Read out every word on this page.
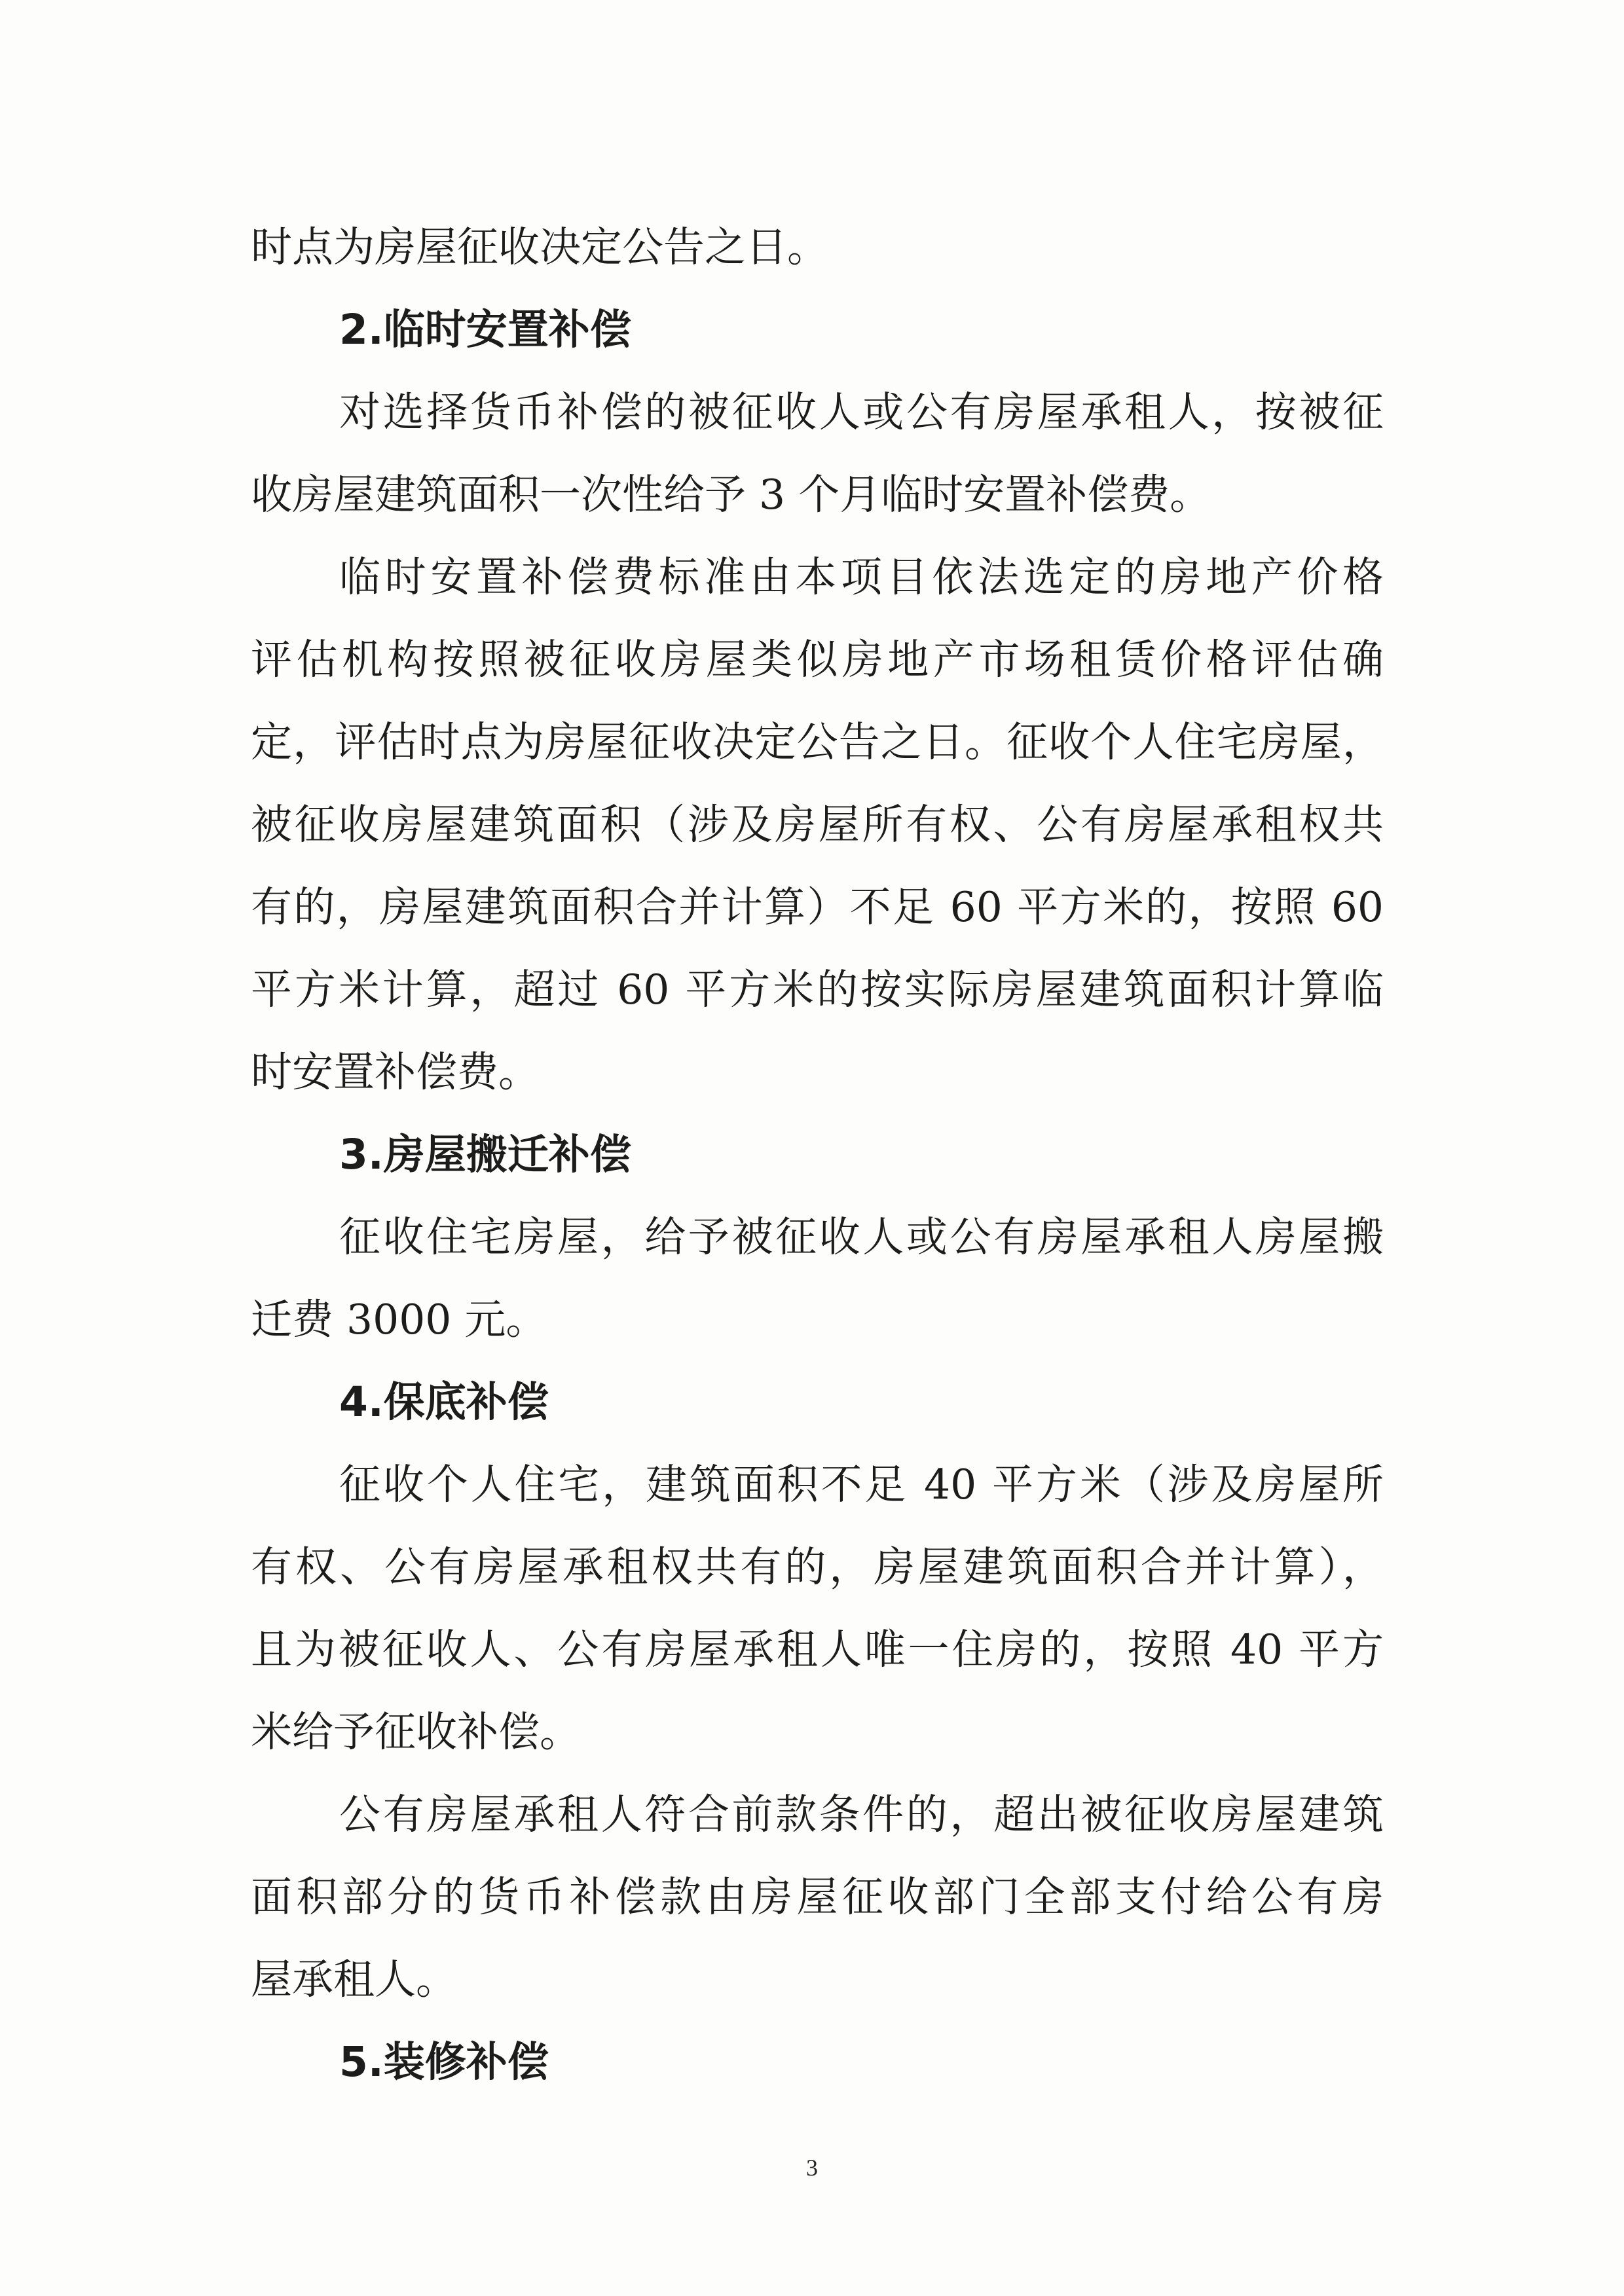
时点为房屋征收决定公告之日。
2.临时安置补偿
对选择货币补偿的被征收人或公有房屋承租人，按被征
收房屋建筑面积一次性给予 3 个月临时安置补偿费。
临时安置补偿费标准由本项目依法选定的房地产价格
评估机构按照被征收房屋类似房地产市场租赁价格评估确
定，评估时点为房屋征收决定公告之日。征收个人住宅房屋，
被征收房屋建筑面积（涉及房屋所有权、公有房屋承租权共
有的，房屋建筑面积合并计算）不足 60 平方米的，按照 60
平方米计算，超过 60 平方米的按实际房屋建筑面积计算临
时安置补偿费。
3.房屋搬迁补偿
征收住宅房屋，给予被征收人或公有房屋承租人房屋搬
迁费 3000 元。
4.保底补偿
征收个人住宅，建筑面积不足 40 平方米（涉及房屋所
有权、公有房屋承租权共有的，房屋建筑面积合并计算），
且为被征收人、公有房屋承租人唯一住房的，按照 40 平方
米给予征收补偿。
公有房屋承租人符合前款条件的，超出被征收房屋建筑
面积部分的货币补偿款由房屋征收部门全部支付给公有房
屋承租人。
5.装修补偿
3
